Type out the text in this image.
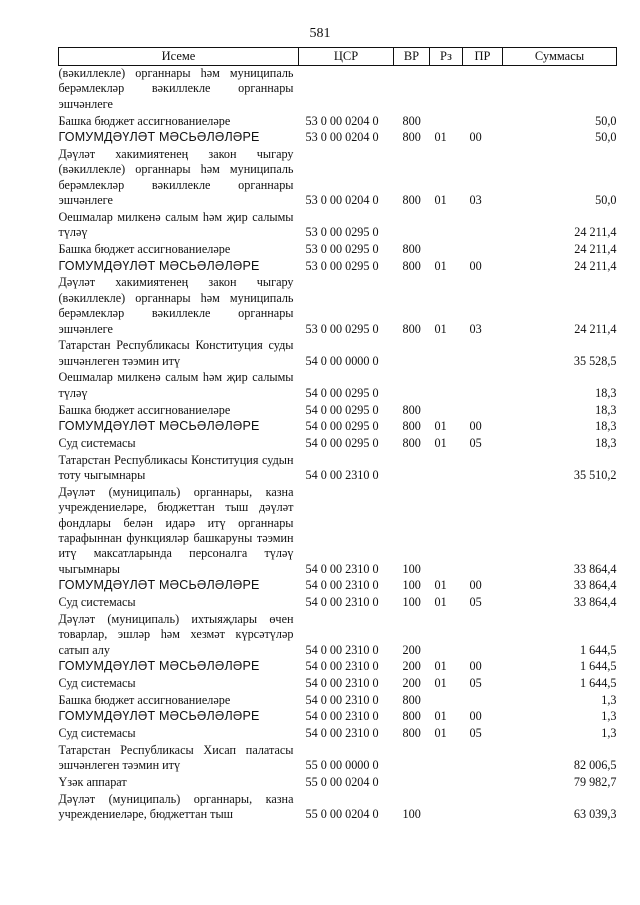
581
Исеме	ЦСР	ВР	Рз	ПР	Суммасы
(вәкиллекле) органнары һәм муниципаль берәмлекләр вәкиллекле органнары эшчәнлеге					
Башка бюджет ассигнованиеләре	53 0 00 0204 0	800			50,0
ГОМУМДӘҮЛӘТ МӘСЬӘЛӘЛӘРЕ	53 0 00 0204 0	800	01	00	50,0
Дәүләт хакимиятенең закон чыгару (вәкиллекле) органнары һәм муниципаль берәмлекләр вәкиллекле органнары эшчәнлеге	53 0 00 0204 0	800	01	03	50,0
Оешмалар милкенә салым һәм җир салымы түләү	53 0 00 0295 0				24 211,4
Башка бюджет ассигнованиеләре	53 0 00 0295 0	800			24 211,4
ГОМУМДӘҮЛӘТ МӘСЬӘЛӘЛӘРЕ	53 0 00 0295 0	800	01	00	24 211,4
Дәүләт хакимиятенең закон чыгару (вәкиллекле) органнары һәм муниципаль берәмлекләр вәкиллекле органнары эшчәнлеге	53 0 00 0295 0	800	01	03	24 211,4
Татарстан Республикасы Конституция суды эшчәнлеген тәэмин итү	54 0 00 0000 0				35 528,5
Оешмалар милкенә салым һәм җир салымы түләү	54 0 00 0295 0				18,3
Башка бюджет ассигнованиеләре	54 0 00 0295 0	800			18,3
ГОМУМДӘҮЛӘТ МӘСЬӘЛӘЛӘРЕ	54 0 00 0295 0	800	01	00	18,3
Суд системасы	54 0 00 0295 0	800	01	05	18,3
Татарстан Республикасы Конституция судын тоту чыгымнары	54 0 00 2310 0				35 510,2
Дәүләт (муниципаль) органнары, казна учреждениеләре, бюджеттан тыш дәүләт фондлары белән идарә итү органнары тарафыннан функцияләр башкаруны тәэмин итү максатларында персоналга түләү чыгымнары	54 0 00 2310 0	100			33 864,4
ГОМУМДӘҮЛӘТ МӘСЬӘЛӘЛӘРЕ	54 0 00 2310 0	100	01	00	33 864,4
Суд системасы	54 0 00 2310 0	100	01	05	33 864,4
Дәүләт (муниципаль) ихтыяҗлары өчен товарлар, эшләр һәм хезмәт күрсәтүләр сатып алу	54 0 00 2310 0	200			1 644,5
ГОМУМДӘҮЛӘТ МӘСЬӘЛӘЛӘРЕ	54 0 00 2310 0	200	01	00	1 644,5
Суд системасы	54 0 00 2310 0	200	01	05	1 644,5
Башка бюджет ассигнованиеләре	54 0 00 2310 0	800			1,3
ГОМУМДӘҮЛӘТ МӘСЬӘЛӘЛӘРЕ	54 0 00 2310 0	800	01	00	1,3
Суд системасы	54 0 00 2310 0	800	01	05	1,3
Татарстан Республикасы Хисап палатасы эшчәнлеген тәэмин итү	55 0 00 0000 0				82 006,5
Үзәк аппарат	55 0 00 0204 0				79 982,7
Дәүләт (муниципаль) органнары, казна учреждениеләре, бюджеттан тыш	55 0 00 0204 0	100			63 039,3
